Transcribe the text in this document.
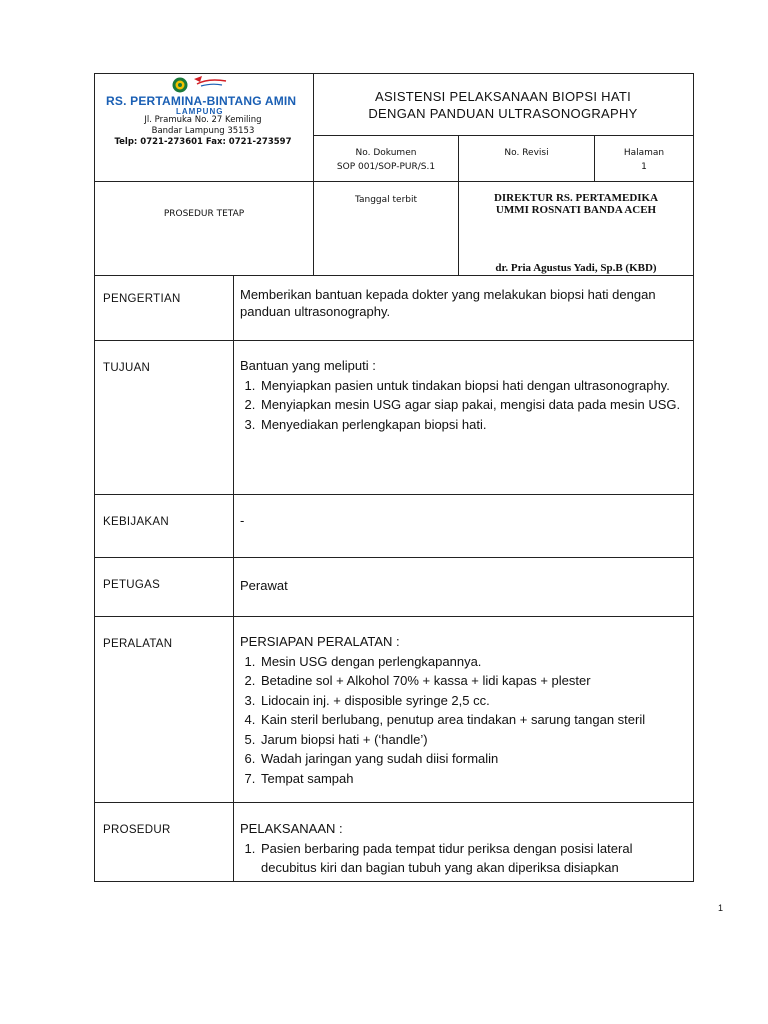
RS. PERTAMINA-BINTANG AMIN
LAMPUNG
Jl. Pramuka No. 27 Kemiling
Bandar Lampung 35153
Telp: 0721-273601 Fax: 0721-273597
ASISTENSI PELAKSANAAN BIOPSI HATI
DENGAN PANDUAN ULTRASONOGRAPHY
No. Dokumen
SOP 001/SOP-PUR/S.1
No. Revisi	Halaman
1
PROSEDUR TETAP
Tanggal terbit	DIREKTUR RS. PERTAMEDIKA
UMMI ROSNATI BANDA ACEH
dr. Pria Agustus Yadi, Sp.B (KBD)
PENGERTIAN
TUJUAN
KEBIJAKAN
PETUGAS
PERALATAN
PROSEDUR
Memberikan bantuan kepada dokter yang melakukan biopsi hati dengan panduan ultrasonography.
Bantuan yang meliputi :
1. Menyiapkan pasien untuk tindakan biopsi hati dengan ultrasonography.
2. Menyiapkan mesin USG agar siap pakai, mengisi data pada mesin USG.
3. Menyediakan perlengkapan biopsi hati.
-
Perawat
PERSIAPAN PERALATAN :
1. Mesin USG dengan perlengkapannya.
2. Betadine sol + Alkohol 70% + kassa + lidi kapas + plester
3. Lidocain inj. + disposible syringe 2,5 cc.
4. Kain steril berlubang, penutup area tindakan + sarung tangan steril
5. Jarum biopsi hati + (‘handle’)
6. Wadah jaringan yang sudah diisi formalin
7. Tempat sampah
PELAKSANAAN :
1. Pasien berbaring pada tempat tidur periksa dengan posisi lateral decubitus kiri dan bagian tubuh yang akan diperiksa disiapkan
1
